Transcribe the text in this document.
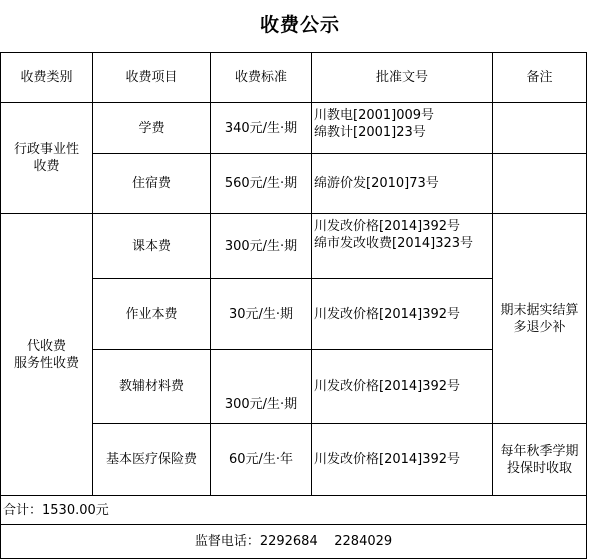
收费公示
收费类别	收费项目	收费标准	批准文号	备注

行政事业性
收费	学费	340元/生·期	川教电[2001]009号
绵教计[2001]23号	

	住宿费	560元/生·期	绵游价发[2010]73号	

代收费
服务性收费	课本费	300元/生·期	川发改价格[2014]392号
绵市发改收费[2014]323号	期末据实结算
多退少补

	作业本费	30元/生·期	川发改价格[2014]392号	

	教辅材料费	300元/生·期	川发改价格[2014]392号	

	基本医疗保险费	60元/生·年	川发改价格[2014]392号	每年秋季学期
投保时收取

合计：1530.00元				
监督电话：2292684    2284029				
